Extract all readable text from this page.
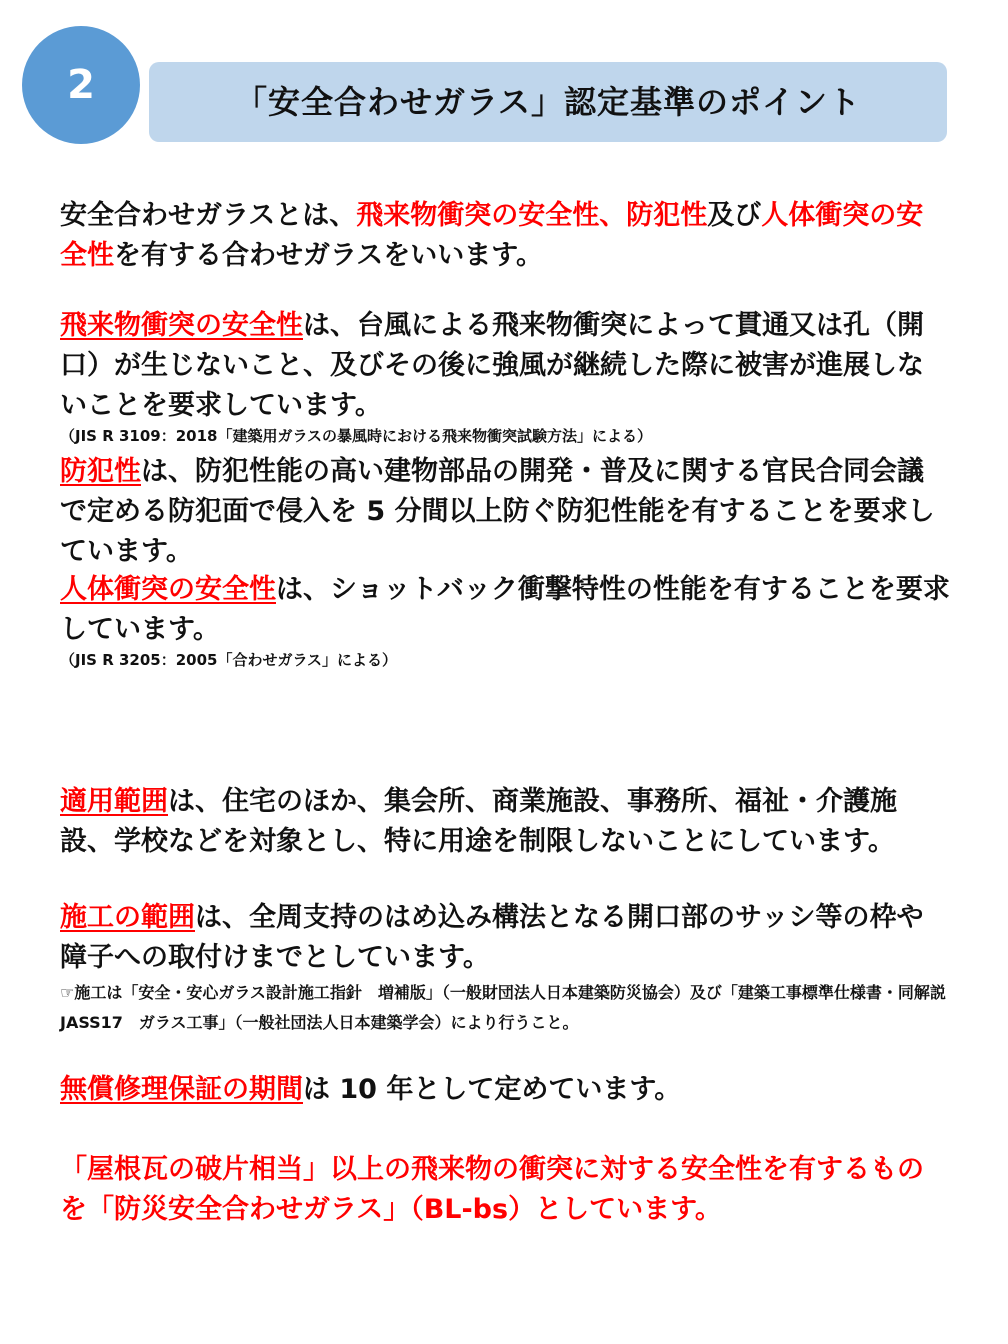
2	「安全合わせガラス」認定基準のポイント

安全合わせガラスとは、飛来物衝突の安全性、防犯性及び人体衝突の安全性を有する合わせガラスをいいます。

飛来物衝突の安全性は、台風による飛来物衝突によって貫通又は孔（開口）が生じないこと、及びその後に強風が継続した際に被害が進展しないことを要求しています。

（JIS R 3109：2018「建築用ガラスの暴風時における飛来物衝突試験方法」による）

防犯性は、防犯性能の高い建物部品の開発・普及に関する官民合同会議で定める防犯面で侵入を 5 分間以上防ぐ防犯性能を有することを要求しています。

人体衝突の安全性は、ショットバック衝撃特性の性能を有することを要求しています。

（JIS R 3205：2005「合わせガラス」による）

適用範囲は、住宅のほか、集会所、商業施設、事務所、福祉・介護施設、学校などを対象とし、特に用途を制限しないことにしています。

施工の範囲は、全周支持のはめ込み構法となる開口部のサッシ等の枠や障子への取付けまでとしています。

☞施工は「安全・安心ガラス設計施工指針　増補版」（一般財団法人日本建築防災協会）及び「建築工事標準仕様書・同解説　JASS17　ガラス工事」（一般社団法人日本建築学会）により行うこと。

無償修理保証の期間は 10 年として定めています。

「屋根瓦の破片相当」以上の飛来物の衝突に対する安全性を有するものを「防災安全合わせガラス」（BL-bs）としています。
